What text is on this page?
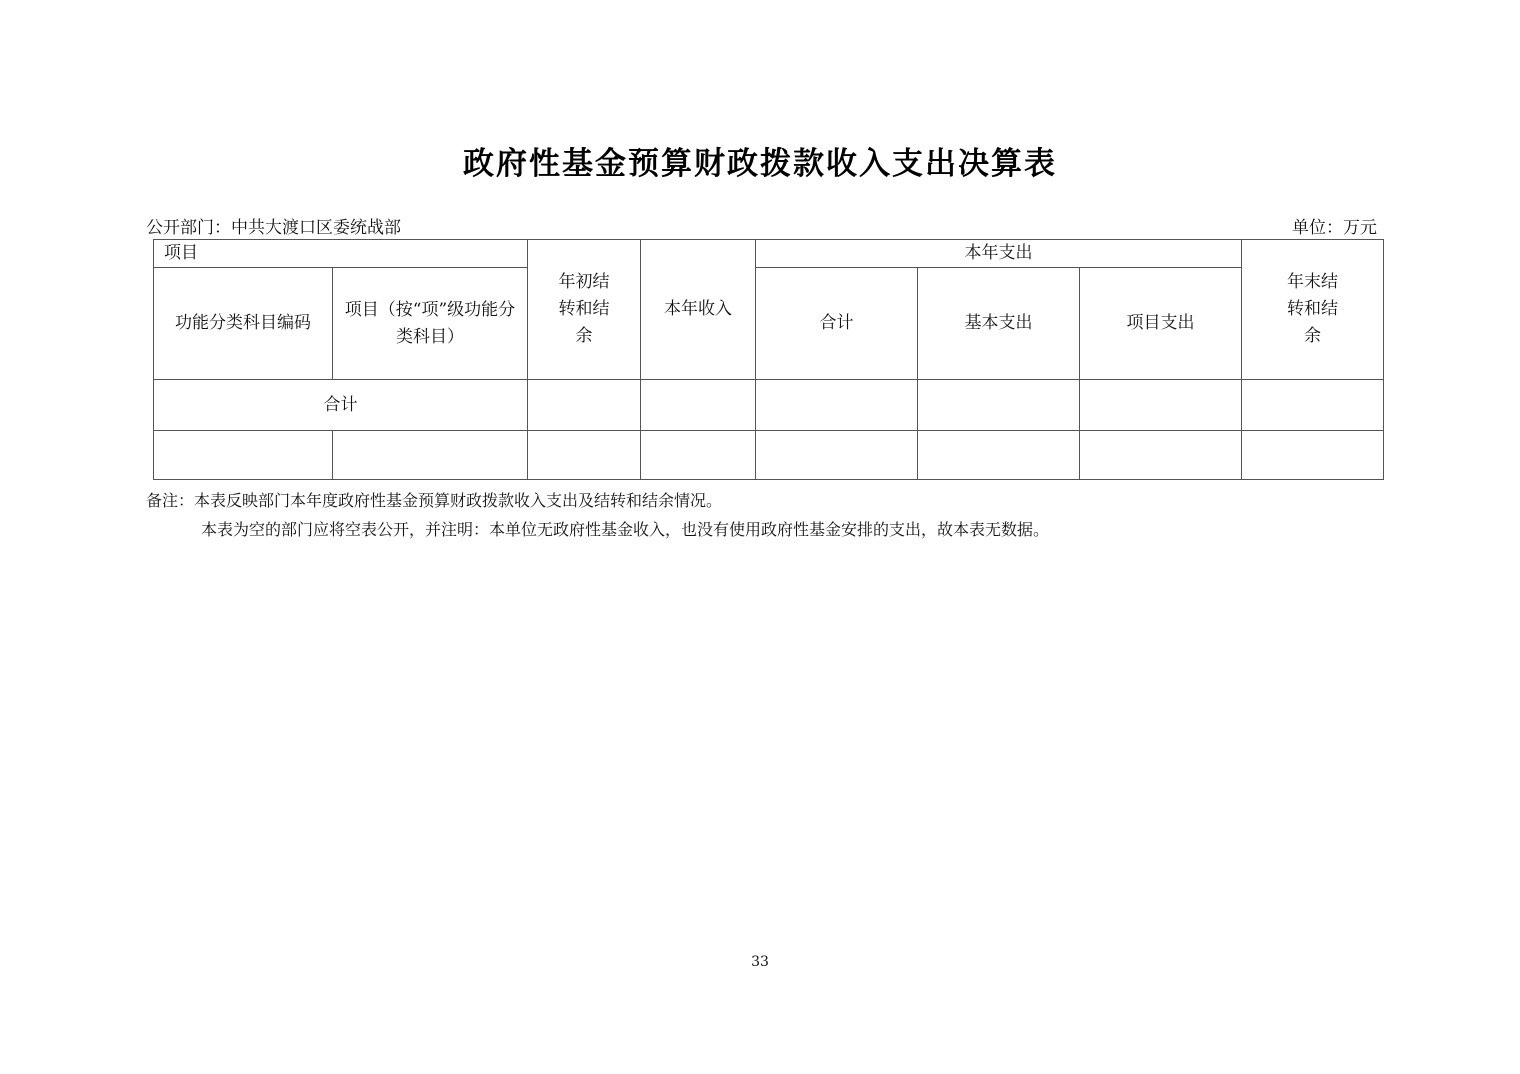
政府性基金预算财政拨款收入支出决算表
公开部门：中共大渡口区委统战部	单位：万元
项目		年初结转和结余	本年收入	本年支出			年末结转和结余

功能分类科目编码	项目（按“项”级功能分类科目）			合计	基本支出	项目支出	
合计							

备注：本表反映部门本年度政府性基金预算财政拨款收入支出及结转和结余情况。
本表为空的部门应将空表公开，并注明：本单位无政府性基金收入，也没有使用政府性基金安排的支出，故本表无数据。
33
